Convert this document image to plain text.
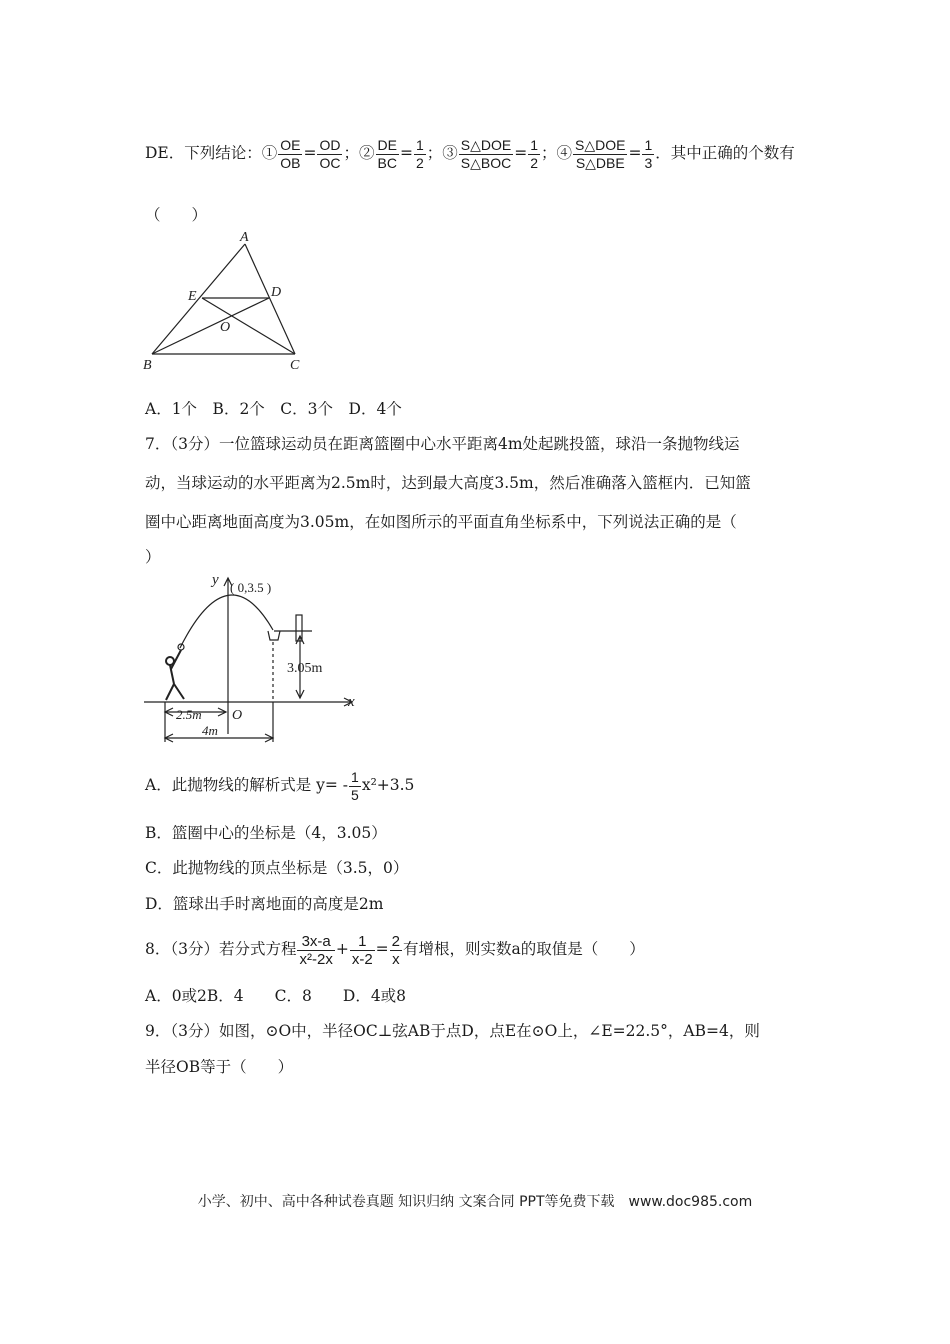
DE．下列结论：① $\frac{OE}{OB} = \frac{OD}{OC}$ ；② $\frac{DE}{BC} = \frac{1}{2}$ ；③ $\frac{\text{S△DOE}}{\text{S△BOC}} = \frac{1}{2}$ ；④ $\frac{\text{S△DOE}}{\text{S△DBE}} = \frac{1}{3}$ ．其中正确的个数有
（　　）
A
B	C
D
E
O
A．1个　B．2个　C．3个　D．4个
7．（3分）一位篮球运动员在距离篮圈中心水平距离4m处起跳投篮，球沿一条抛物线运
动，当球运动的水平距离为2.5m时，达到最大高度3.5m，然后准确落入篮框内．已知篮
圈中心距离地面高度为3.05m，在如图所示的平面直角坐标系中，下列说法正确的是（
）
y
x
O
( 0,3.5 )
3.05m
2.5m
4m
A．此抛物线的解析式是 $y= - \frac{1}{5} x^2+3.5$
B．篮圈中心的坐标是（4，3.05）
C．此抛物线的顶点坐标是（3.5，0）
D．篮球出手时离地面的高度是2m
8．（3分）若分式方程 $\frac{3x-a}{\text{x²-2x}} + \frac{1}{x-2} = \frac{2}{x}$ 有增根，则实数a的取值是（　　）
A．0或2B．4　　C．8　　D．4或8
9．（3分）如图，⊙O中，半径OC⊥弦AB于点D，点E在⊙O上，∠E=22.5°，AB=4，则
半径OB等于（　　）
小学、初中、高中各种试卷真题 知识归纳 文案合同 PPT等免费下载　www.doc985.com
